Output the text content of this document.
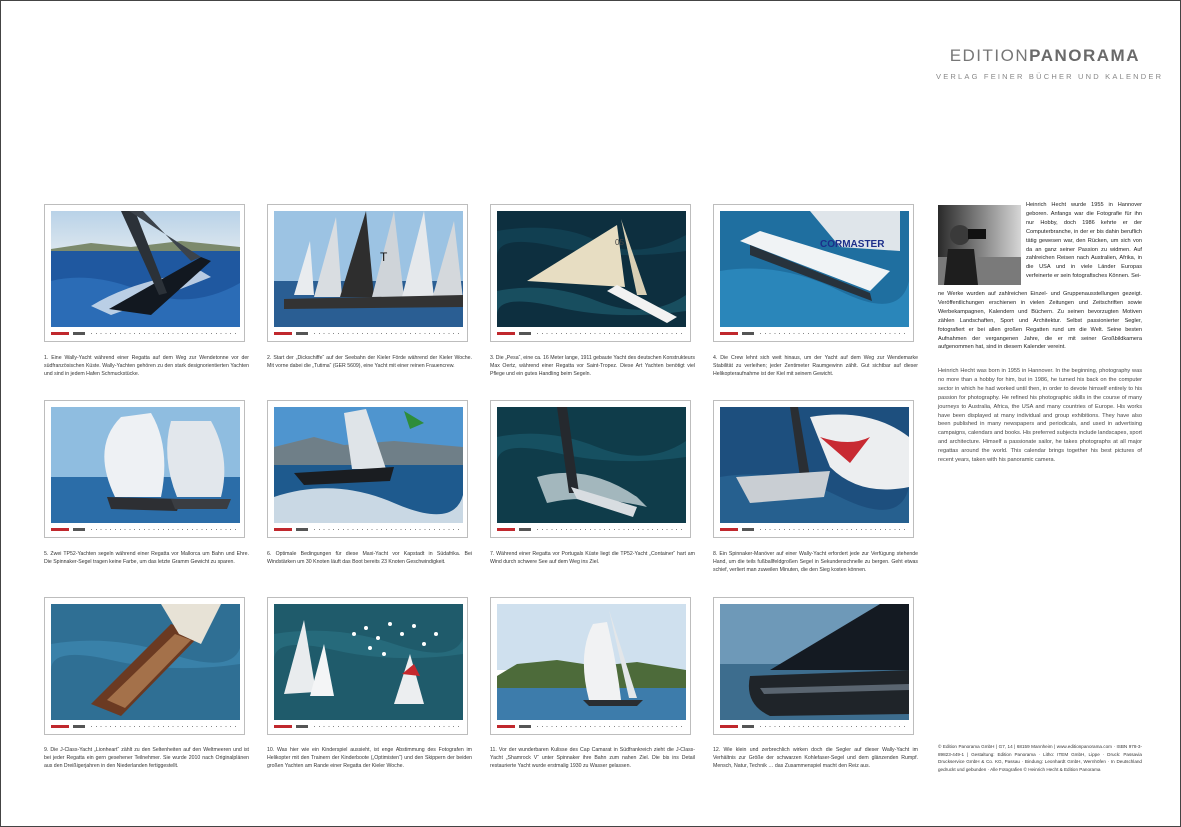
EDITIONPANORAMA
VERLAG FEINER BÜCHER UND KALENDER
1. Eine Wally-Yacht während einer Regatta auf dem Weg zur Wendetonne vor der südfranzösischen Küste. Wally-Yachten gehören zu den stark designorientierten Yachten und sind in jedem Hafen Schmuckstücke.
T
2. Start der „Dickschiffe“ auf der Seebahn der Kieler Förde während der Kieler Woche. Mit vorne dabei die „Tutima“ (GER 5609), eine Yacht mit einer reinen Frauencrew.
05
3. Die „Pesa“, eine ca. 16 Meter lange, 1911 gebaute Yacht des deutschen Konstrukteurs Max Oertz, während einer Regatta vor Saint-Tropez. Diese Art Yachten benötigt viel Pflege und ein gutes Handling beim Segeln.
CORMASTER
4. Die Crew lehnt sich weit hinaus, um der Yacht auf dem Weg zur Wendemarke Stabilität zu verleihen; jeder Zentimeter Raumgewinn zählt. Gut sichtbar auf dieser Helikopteraufnahme ist der Kiel mit seinem Gewicht.
5. Zwei TP52-Yachten segeln während einer Regatta vor Mallorca um Bahn und Ehre. Die Spinnaker-Segel tragen keine Farbe, um das letzte Gramm Gewicht zu sparen.
6. Optimale Bedingungen für diese Maxi-Yacht vor Kapstadt in Südafrika. Bei Windstärken um 30 Knoten läuft das Boot bereits 23 Knoten Geschwindigkeit.
7. Während einer Regatta vor Portugals Küste liegt die TP52-Yacht „Container“ hart am Wind durch schwere See auf dem Weg ins Ziel.
8. Ein Spinnaker-Manöver auf einer Wally-Yacht erfordert jede zur Verfügung stehende Hand, um die teils fußballfeldgroßen Segel in Sekundenschnelle zu bergen. Geht etwas schief, verliert man zuweilen Minuten, die den Sieg kosten können.
9. Die J-Class-Yacht „Lionheart“ zählt zu den Seltenheiten auf den Weltmeeren und ist bei jeder Regatta ein gern gesehener Teilnehmer. Sie wurde 2010 nach Originalplänen aus den Dreißigerjahren in den Niederlanden fertiggestellt.
10. Was hier wie ein Kinderspiel aussieht, ist enge Abstimmung des Fotografen im Helikopter mit den Trainern der Kinderboote („Optimisten“) und den Skippern der beiden großen Yachten am Rande einer Regatta der Kieler Woche.
11. Vor der wunderbaren Kulisse des Cap Camarat in Südfrankreich zieht die J-Class-Yacht „Shamrock V“ unter Spinnaker ihre Bahn zum nahen Ziel. Die bis ins Detail restaurierte Yacht wurde erstmalig 1930 zu Wasser gelassen.
12. Wie klein und zerbrechlich wirken doch die Segler auf dieser Wally-Yacht im Verhältnis zur Größe der schwarzen Kohlefaser-Segel und dem glänzenden Rumpf. Mensch, Natur, Technik … das Zusammenspiel macht den Reiz aus.
Heinrich Hecht wurde 1955 in Hannover geboren. Anfangs war die Fotografie für ihn nur Hobby, doch 1986 kehrte er der Computerbranche, in der er bis dahin beruflich tätig gewesen war, den Rücken, um sich von da an ganz seiner Passion zu widmen. Auf zahlreichen Reisen nach Australien, Afrika, in die USA und in viele Länder Europas verfeinerte er sein fotografisches Können. Sei-
ne Werke wurden auf zahlreichen Einzel- und Gruppenausstellungen gezeigt. Veröffentlichungen erschienen in vielen Zeitungen und Zeitschriften sowie Werbekampagnen, Kalendern und Büchern. Zu seinen bevorzugten Motiven zählen Landschaften, Sport und Architektur. Selbst passionierter Segler, fotografiert er bei allen großen Regatten rund um die Welt. Seine besten Aufnahmen der vergangenen Jahre, die er mit seiner Großbildkamera aufgenommen hat, sind in diesem Kalender vereint.
Heinrich Hecht was born in 1955 in Hannover. In the beginning, photography was no more than a hobby for him, but in 1986, he turned his back on the computer sector in which he had worked until then, in order to devote himself entirely to his passion for photography. He refined his photographic skills in the course of many journeys to Australia, Africa, the USA and many countries of Europe. His works have been displayed at many individual and group exhibitions. They have also been published in many newspapers and periodicals, and used in advertising campaigns, calendars and books. His preferred subjects include landscapes, sport and architecture. Himself a passionate sailor, he takes photographs at all major regattas around the world. This calendar brings together his best pictures of recent years, taken with his panoramic camera.
© Edition Panorama GmbH | G7, 14 | 68159 Mannheim | www.editionpanorama.com · ISBN 978-3-89823-449-1 | Gestaltung: Edition Panorama · Litho: ITEM GmbH, Lippe · Druck: Passavia Druckservice GmbH & Co. KG, Passau · Bindung: Leonhardt GmbH, Wernhöfen · In Deutschland gedruckt und gebunden · Alle Fotografien © Heinrich Hecht & Edition Panorama
